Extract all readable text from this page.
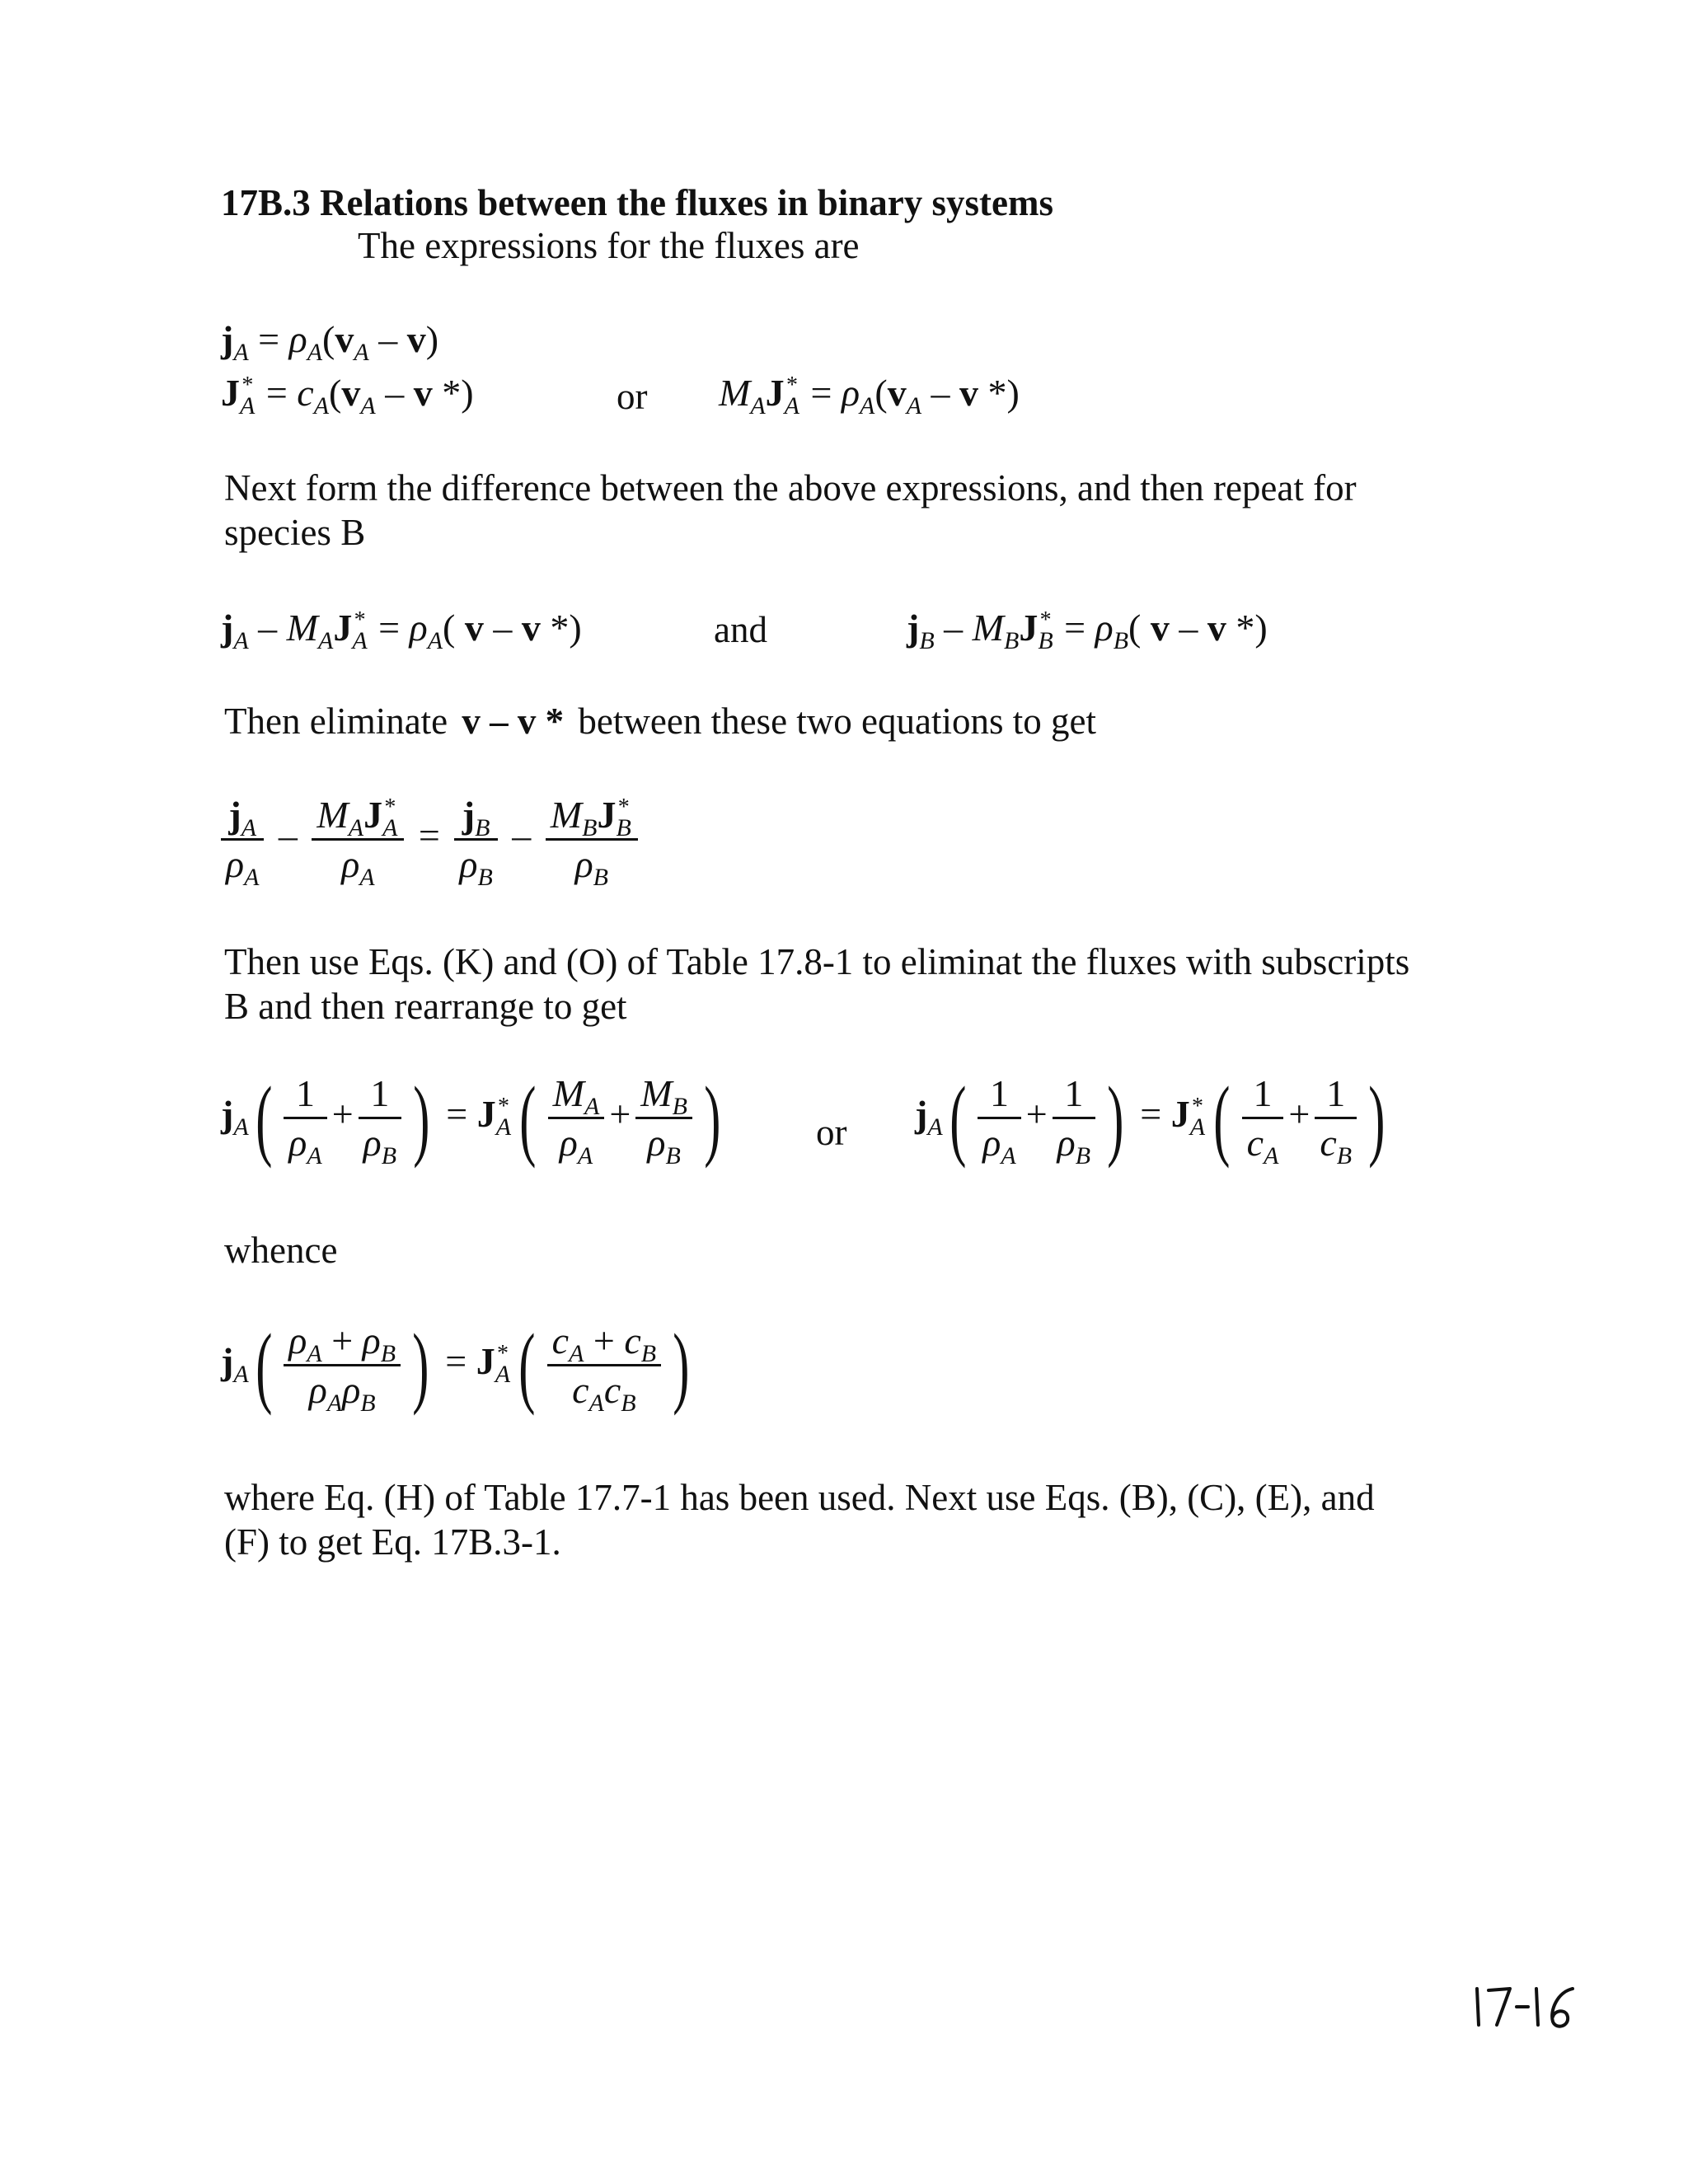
17B.3 Relations between the fluxes in binary systems
The expressions for the fluxes are
$j_A = \rho_A(v_A - v)$
$J_A^* = c_A(v_A - v$ *)	or $M_AJ_A^* = \rho_A(v_A - v$ *)
Next form the difference between the above expressions, and then repeat for species B
$j_A - M_AJ_A^* = \rho_A$( v – v *)	and	$j_B - M_BJ_B^* = \rho_B$( v – v *)
Then eliminate v – v * between these two equations to get
$\frac{j_A}{\rho_A} - \frac{M_AJ_A^*}{\rho_A} = \frac{j_B}{\rho_B} - \frac{M_BJ_B^*}{\rho_B}$
Then use Eqs. (K) and (O) of Table 17.8-1 to eliminat the fluxes with subscripts B and then rearrange to get
$j_A( \frac{1}{\rho_A} + \frac{1}{\rho_B}$ ) = $J_A^*$ ( $\frac{M_A}{\rho_A} + \frac{M_B}{\rho_B}$ )	or $j_A( \frac{1}{\rho_A} + \frac{1}{\rho_B}$ ) = $J_A^*$ ( $\frac{1}{c_A} + \frac{1}{c_B}$ )
whence
$j_A( \frac{\rho_A + \rho_B}{\rho_A\rho_B}$ ) = $J_A^*$ ( $\frac{c_A + c_B}{c_Ac_B}$ )
where Eq. (H) of Table 17.7-1 has been used. Next use Eqs. (B), (C), (E), and (F) to get Eq. 17B.3-1.
